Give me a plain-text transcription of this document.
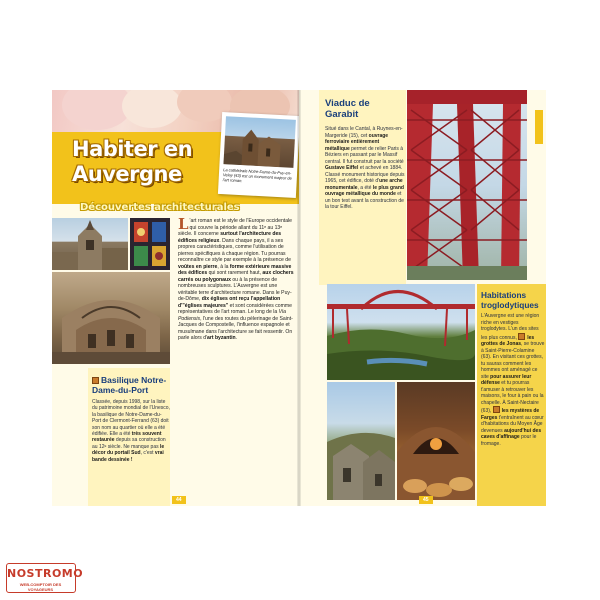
Habiter en
Auvergne	La cathédrale Notre-Dame-du-Puy-en-Velay (43) est un monument majeur de l'art roman.
Découvertes architecturales
Basilique Notre-Dame-du-Port
Classée, depuis 1998, sur la liste du patrimoine mondial de l'Unesco, la basilique de Notre-Dame-du-Port de Clermont-Ferrand (63) doit son nom au quartier où elle a été édifiée. Elle a été très souvent restaurée depuis sa construction au 12ᵉ siècle. Ne manque pas le décor du portail Sud, c'est vrai bande dessinée !
L 'art roman est le style de l'Europe occidentale qui couvre la période allant du 11ᵉ au 13ᵉ siècle. Il concerne surtout l'architecture des édifices religieux. Dans chaque pays, il a ses propres caractéristiques, comme l'utilisation de pierres spécifiques à chaque région. Tu pourras reconnaître ce style par exemple à la présence de voûtes en pierre, à la forme extérieure massive des édifices qui sont rarement haut, aux clochers carrés ou polygonaux ou à la présence de nombreuses sculptures. L'Auvergne est une véritable terre d'architecture romane. Dans le Puy-de-Dôme, dix églises ont reçu l'appellation d'"églises majeures" et sont considérées comme représentatives de l'art roman. Le long de la Via Podiensis, l'une des routes du pèlerinage de Saint-Jacques de Compostelle, l'influence espagnole et musulmane dans l'architecture se fait ressentir. On parle alors d'art byzantin.
44
Viaduc de Garabit
Situé dans le Cantal, à Ruynes-en-Margeride (15), cet ouvrage ferroviaire entièrement métallique permet de relier Paris à Béziers en passant par le Massif central. Il fut construit par la société Gustave Eiffel et achevé en 1884. Classé monument historique depuis 1965, cet édifice, doté d'une arche monumentale, a été le plus grand ouvrage métallique du monde et un bon test avant la construction de la tour Eiffel.
Habitations troglodytiques
L'Auvergne est une région riche en vestiges troglodytes. L'un des sites les plus connus, les grottes de Jonas, se trouve à Saint-Pierre-Colamine (63). En visitant ces grottes, tu sauras comment les hommes ont aménagé ce site pour assurer leur défense et tu pourras t'amuser à retrouver les maisons, le four à pain ou la chapelle. À Saint-Nectaire (63), les mystères de Farges t'entraînent au cœur d'habitations du Moyen Âge devenues aujourd'hui des caves d'affinage pour le fromage.
45
NOSTROMO
WEB-COMPTOIR DES VOYAGEURS
